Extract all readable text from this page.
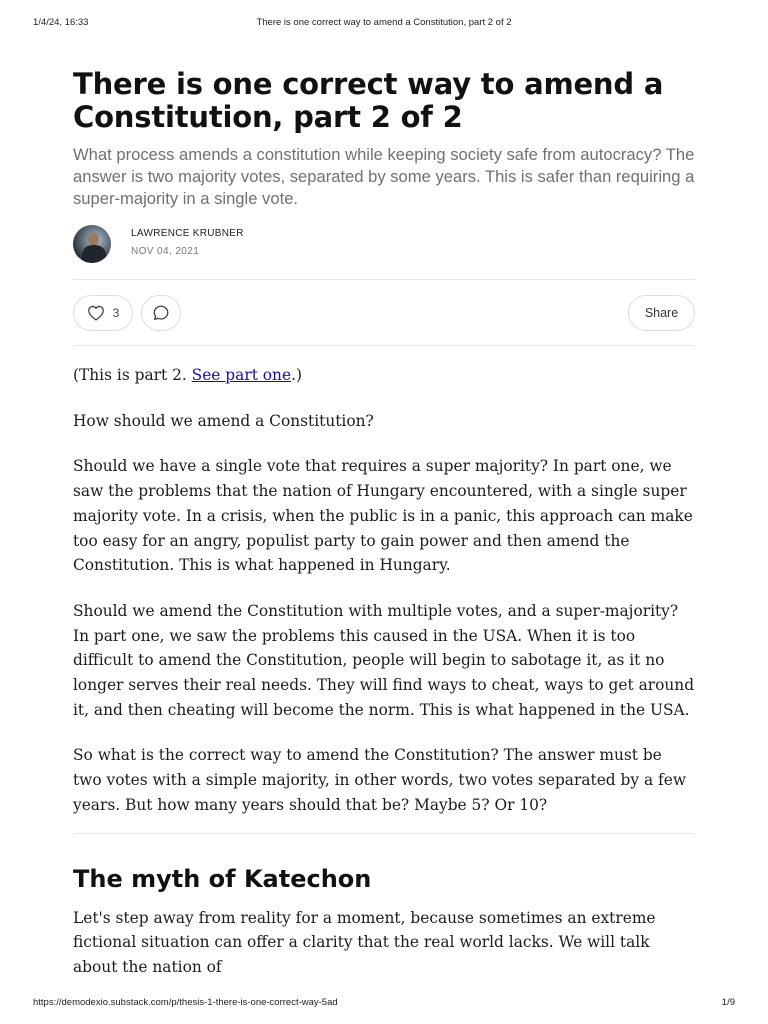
1/4/24, 16:33	There is one correct way to amend a Constitution, part 2 of 2
There is one correct way to amend a Constitution, part 2 of 2
What process amends a constitution while keeping society safe from autocracy? The answer is two majority votes, separated by some years. This is safer than requiring a super-majority in a single vote.
LAWRENCE KRUBNER
NOV 04, 2021
3	Share

(This is part 2. See part one.)

How should we amend a Constitution?

Should we have a single vote that requires a super majority? In part one, we saw the problems that the nation of Hungary encountered, with a single super majority vote. In a crisis, when the public is in a panic, this approach can make too easy for an angry, populist party to gain power and then amend the Constitution. This is what happened in Hungary.

Should we amend the Constitution with multiple votes, and a super-majority? In part one, we saw the problems this caused in the USA. When it is too difficult to amend the Constitution, people will begin to sabotage it, as it no longer serves their real needs. They will find ways to cheat, ways to get around it, and then cheating will become the norm. This is what happened in the USA.

So what is the correct way to amend the Constitution? The answer must be two votes with a simple majority, in other words, two votes separated by a few years. But how many years should that be? Maybe 5? Or 10?

The myth of Katechon

Let's step away from reality for a moment, because sometimes an extreme fictional situation can offer a clarity that the real world lacks. We will talk about the nation of

https://demodexio.substack.com/p/thesis-1-there-is-one-correct-way-5ad	1/9
